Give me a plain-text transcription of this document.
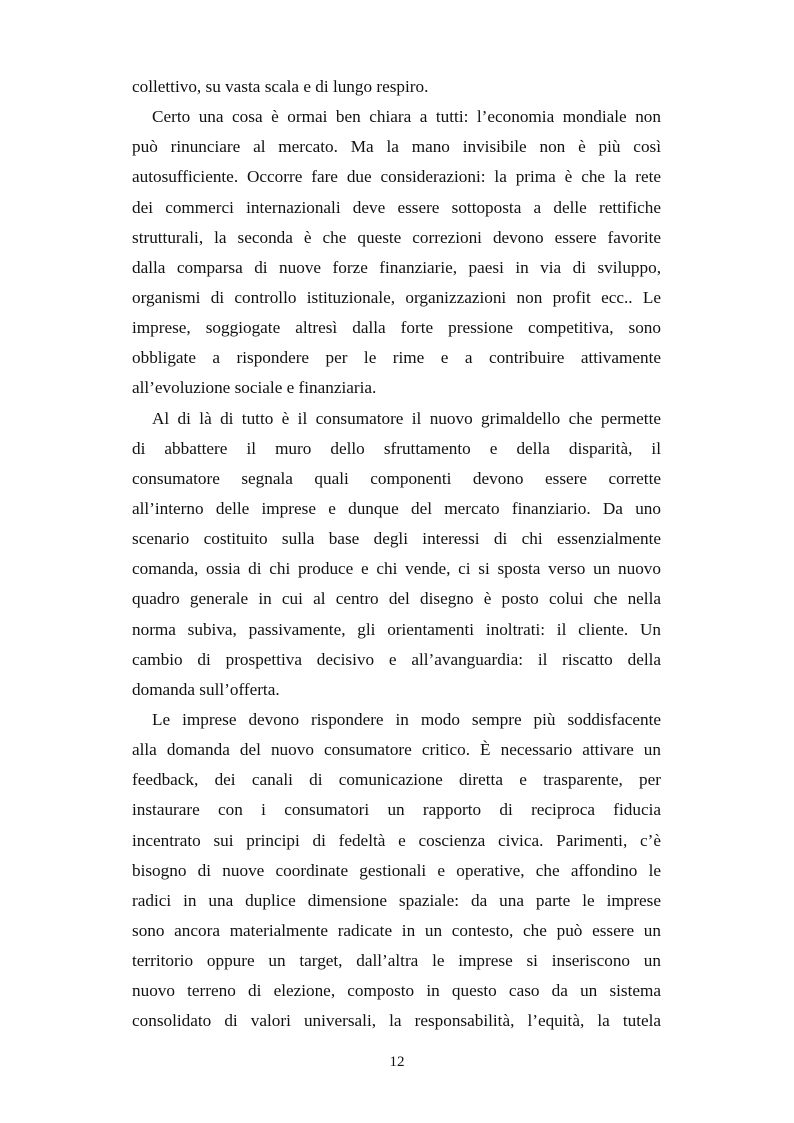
collettivo, su vasta scala e di lungo respiro.
Certo una cosa è ormai ben chiara a tutti: l’economia mondiale non
può rinunciare al mercato. Ma la mano invisibile non è più così
autosufficiente. Occorre fare due considerazioni: la prima è che la rete
dei commerci internazionali deve essere sottoposta a delle rettifiche
strutturali, la seconda è che queste correzioni devono essere favorite
dalla comparsa di nuove forze finanziarie, paesi in via di sviluppo,
organismi di controllo istituzionale, organizzazioni non profit ecc.. Le
imprese, soggiogate altresì dalla forte pressione competitiva, sono
obbligate a rispondere per le rime e a contribuire attivamente
all’evoluzione sociale e finanziaria.
Al di là di tutto è il consumatore il nuovo grimaldello che permette
di abbattere il muro dello sfruttamento e della disparità, il
consumatore segnala quali componenti devono essere corrette
all’interno delle imprese e dunque del mercato finanziario. Da uno
scenario costituito sulla base degli interessi di chi essenzialmente
comanda, ossia di chi produce e chi vende, ci si sposta verso un nuovo
quadro generale in cui al centro del disegno è posto colui che nella
norma subiva, passivamente, gli orientamenti inoltrati: il cliente. Un
cambio di prospettiva decisivo e all’avanguardia: il riscatto della
domanda sull’offerta.
Le imprese devono rispondere in modo sempre più soddisfacente
alla domanda del nuovo consumatore critico. È necessario attivare un
feedback, dei canali di comunicazione diretta e trasparente, per
instaurare con i consumatori un rapporto di reciproca fiducia
incentrato sui principi di fedeltà e coscienza civica. Parimenti, c’è
bisogno di nuove coordinate gestionali e operative, che affondino le
radici in una duplice dimensione spaziale: da una parte le imprese
sono ancora materialmente radicate in un contesto, che può essere un
territorio oppure un target, dall’altra le imprese si inseriscono un
nuovo terreno di elezione, composto in questo caso da un sistema
consolidato di valori universali, la responsabilità, l’equità, la tutela
12
